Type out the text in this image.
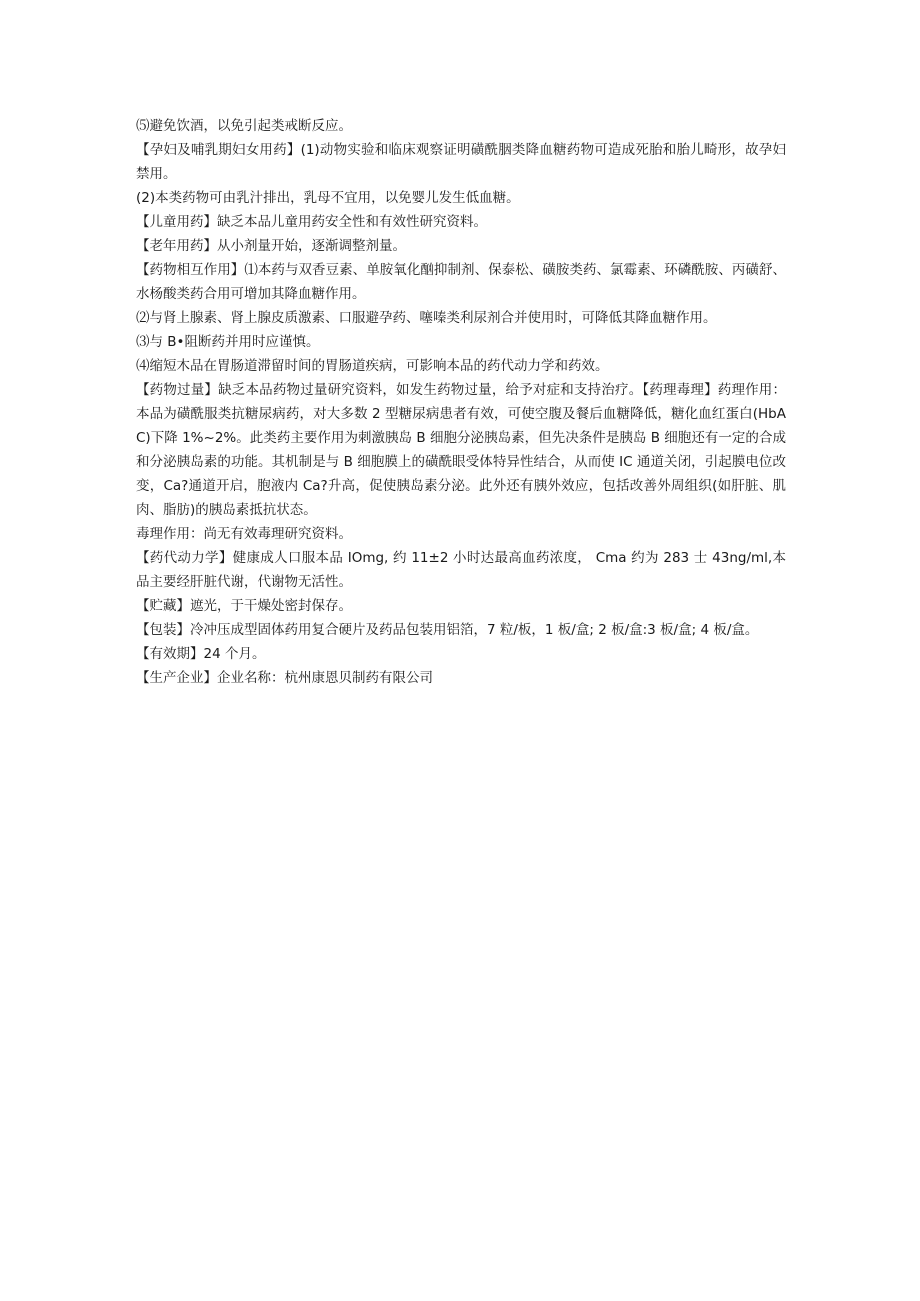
⑸避免饮酒，以免引起类戒断反应。

【孕妇及哺乳期妇女用药】(1)动物实验和临床观察证明磺酰胭类降血糖药物可造成死胎和胎儿畸形，故孕妇禁用。

(2)本类药物可由乳汁排出，乳母不宜用，以免婴儿发生低血糖。

【儿童用药】缺乏本品儿童用药安全性和有效性研究资料。

【老年用药】从小剂量开始，逐渐调整剂量。

【药物相互作用】⑴本药与双香豆素、单胺氧化酗抑制剂、保泰松、磺胺类药、氯霉素、环磷酰胺、丙磺舒、水杨酸类药合用可增加其降血糖作用。

⑵与肾上腺素、肾上腺皮质激素、口服避孕药、噻嗪类利尿剂合并使用时，可降低其降血糖作用。

⑶与 B•阻断药并用时应谨慎。

⑷缩短木品在胃肠道滞留时间的胃肠道疾病，可影响本品的药代动力学和药效。

【药物过量】缺乏本品药物过量研究资料，如发生药物过量，给予对症和支持治疗。【药理毒理】药理作用：本品为磺酰服类抗糖尿病药，对大多数 2 型糖尿病患者有效，可使空腹及餐后血糖降低，糖化血红蛋白(HbAC)下降 1%~2%。此类药主要作用为刺激胰岛 B 细胞分泌胰岛素，但先决条件是胰岛 B 细胞还有一定的合成和分泌胰岛素的功能。其机制是与 B 细胞膜上的磺酰眼受体特异性结合，从而使 IC 通道关闭，引起膜电位改变，Ca?通道开启，胞液内 Ca?升高，促使胰岛素分泌。此外还有胰外效应，包括改善外周组织(如肝脏、肌肉、脂肪)的胰岛素抵抗状态。

毒理作用：尚无有效毒理研究资料。

【药代动力学】健康成人口服本品 IOmg, 约 11±2 小时达最高血药浓度， Cma 约为 283 士 43ng∕ml,本品主要经肝脏代谢，代谢物无活性。

【贮藏】遮光，于干燥处密封保存。

【包装】冷冲压成型固体药用复合硬片及药品包装用铝箔，7 粒/板，1 板/盒; 2 板/盒:3 板/盒; 4 板/盒。

【有效期】24 个月。

【生产企业】企业名称：杭州康恩贝制药有限公司
